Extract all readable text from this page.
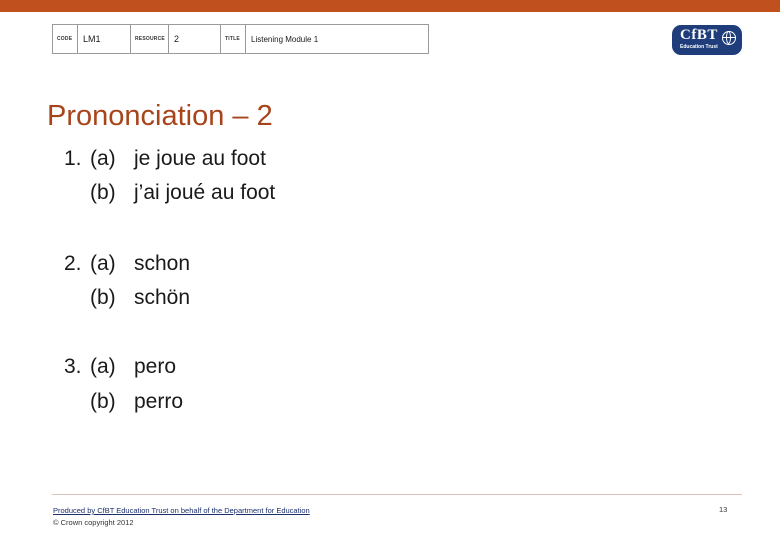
CODE	LM1	RESOURCE	2	TITLE	Listening Module 1	CfBT
Education Trust
Prononciation – 2
1. (a) je joue au foot
(b) j’ai joué au foot
2. (a) schon
(b) schön
3. (a) pero
(b) perro
Produced by CfBT Education Trust on behalf of the Department for Education
© Crown copyright 2012
13
